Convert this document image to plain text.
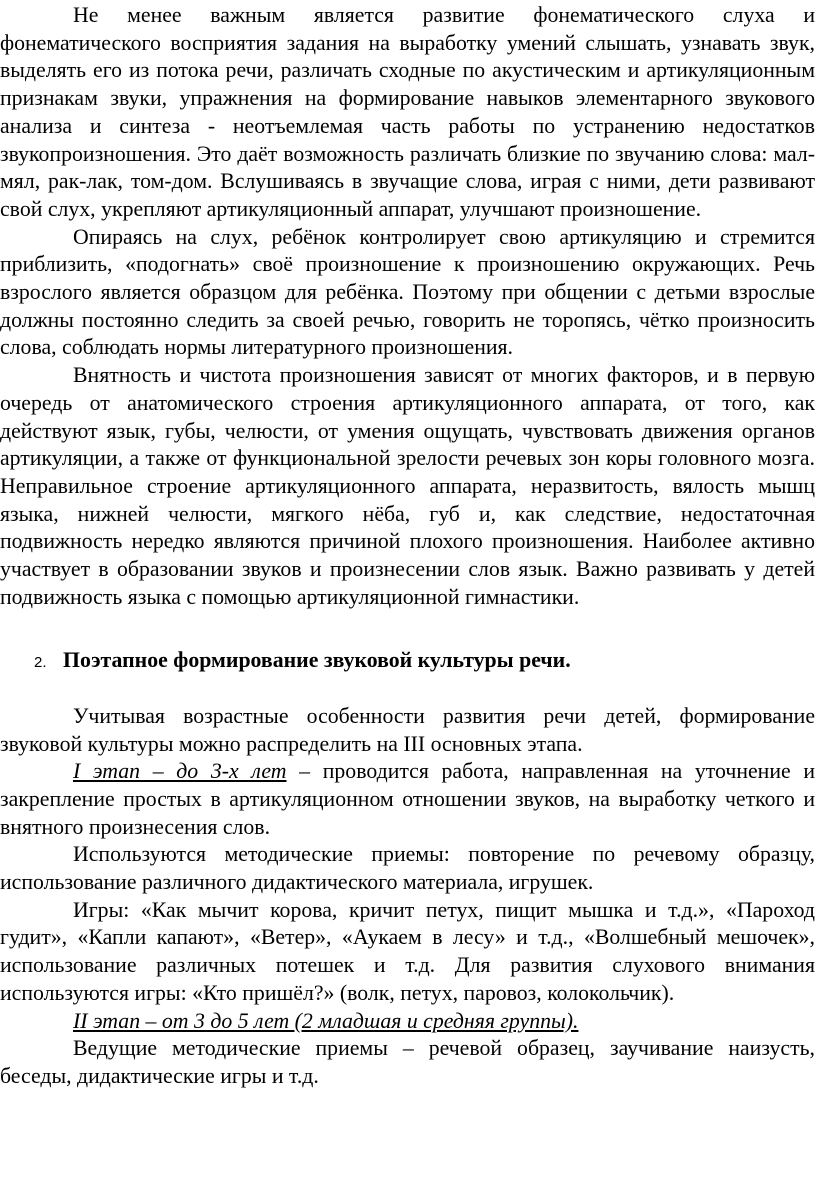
Не менее важным является развитие фонематического слуха и фонематического восприятия задания на выработку умений слышать, узнавать звук, выделять его из потока речи, различать сходные по акустическим и артикуляционным признакам звуки, упражнения на формирование навыков элементарного звукового анализа и синтеза - неотъемлемая часть работы по устранению недостатков звукопроизношения. Это даёт возможность различать близкие по звучанию слова: мал-мял, рак-лак, том-дом. Вслушиваясь в звучащие слова, играя с ними, дети развивают свой слух, укрепляют артикуляционный аппарат, улучшают произношение.

Опираясь на слух, ребёнок контролирует свою артикуляцию и стремится приблизить, «подогнать» своё произношение к произношению окружающих. Речь взрослого является образцом для ребёнка. Поэтому при общении с детьми взрослые должны постоянно следить за своей речью, говорить не торопясь, чётко произносить слова, соблюдать нормы литературного произношения.

Внятность и чистота произношения зависят от многих факторов, и в первую очередь от анатомического строения артикуляционного аппарата, от того, как действуют язык, губы, челюсти, от умения ощущать, чувствовать движения органов артикуляции, а также от функциональной зрелости речевых зон коры головного мозга. Неправильное строение артикуляционного аппарата, неразвитость, вялость мышц языка, нижней челюсти, мягкого нёба, губ и, как следствие, недостаточная подвижность нередко являются причиной плохого произношения. Наиболее активно участвует в образовании звуков и произнесении слов язык. Важно развивать у детей подвижность языка с помощью артикуляционной гимнастики.

2. Поэтапное формирование звуковой культуры речи.

Учитывая возрастные особенности развития речи детей, формирование звуковой культуры можно распределить на III основных этапа.

I этап – до 3-х лет – проводится работа, направленная на уточнение и закрепление простых в артикуляционном отношении звуков, на выработку четкого и внятного произнесения слов.

Используются методические приемы: повторение по речевому образцу, использование различного дидактического материала, игрушек.

Игры: «Как мычит корова, кричит петух, пищит мышка и т.д.», «Пароход гудит», «Капли капают», «Ветер», «Аукаем в лесу» и т.д., «Волшебный мешочек», использование различных потешек и т.д. Для развития слухового внимания используются игры: «Кто пришёл?» (волк, петух, паровоз, колокольчик).

II этап – от 3 до 5 лет (2 младшая и средняя группы).

Ведущие методические приемы – речевой образец, заучивание наизусть, беседы, дидактические игры и т.д.
